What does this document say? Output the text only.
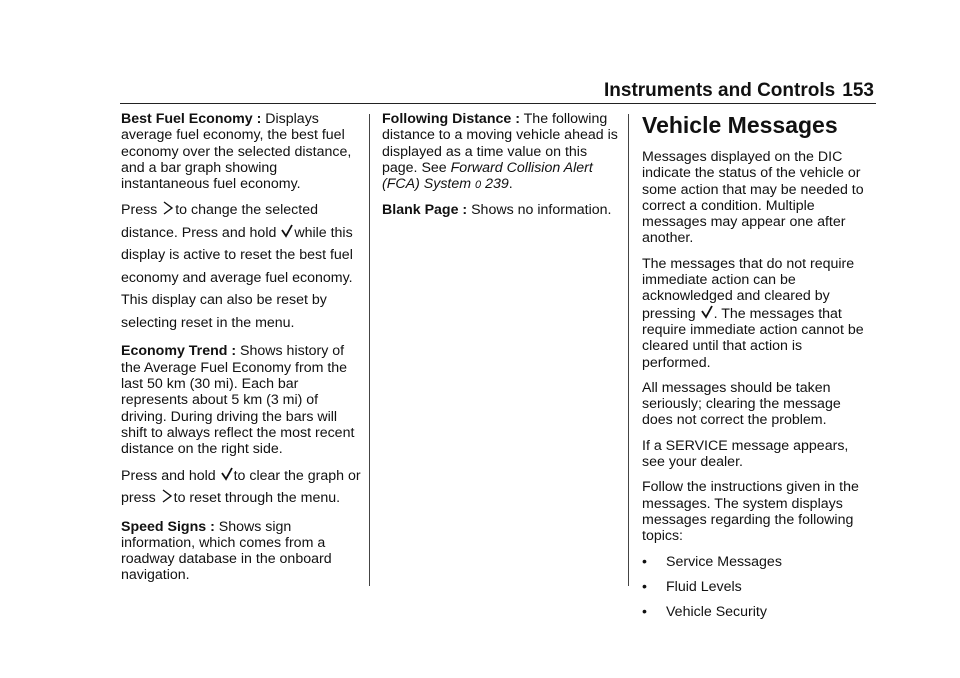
Instruments and Controls 153

Best Fuel Economy : Displays average fuel economy, the best fuel economy over the selected distance, and a bar graph showing instantaneous fuel economy.

Press to change the selected distance. Press and hold while this display is active to reset the best fuel economy and average fuel economy. This display can also be reset by selecting reset in the menu.

Economy Trend : Shows history of the Average Fuel Economy from the last 50 km (30 mi). Each bar represents about 5 km (3 mi) of driving. During driving the bars will shift to always reflect the most recent distance on the right side.

Press and hold to clear the graph or press to reset through the menu.

Speed Signs : Shows sign information, which comes from a roadway database in the onboard navigation.

Following Distance : The following distance to a moving vehicle ahead is displayed as a time value on this page. See Forward Collision Alert (FCA) System 0 239.

Blank Page : Shows no information.

Vehicle Messages

Messages displayed on the DIC indicate the status of the vehicle or some action that may be needed to correct a condition. Multiple messages may appear one after another.

The messages that do not require immediate action can be acknowledged and cleared by pressing . The messages that require immediate action cannot be cleared until that action is performed.

All messages should be taken seriously; clearing the message does not correct the problem.

If a SERVICE message appears, see your dealer.

Follow the instructions given in the messages. The system displays messages regarding the following topics:

•	Service Messages
•	Fluid Levels
•	Vehicle Security
